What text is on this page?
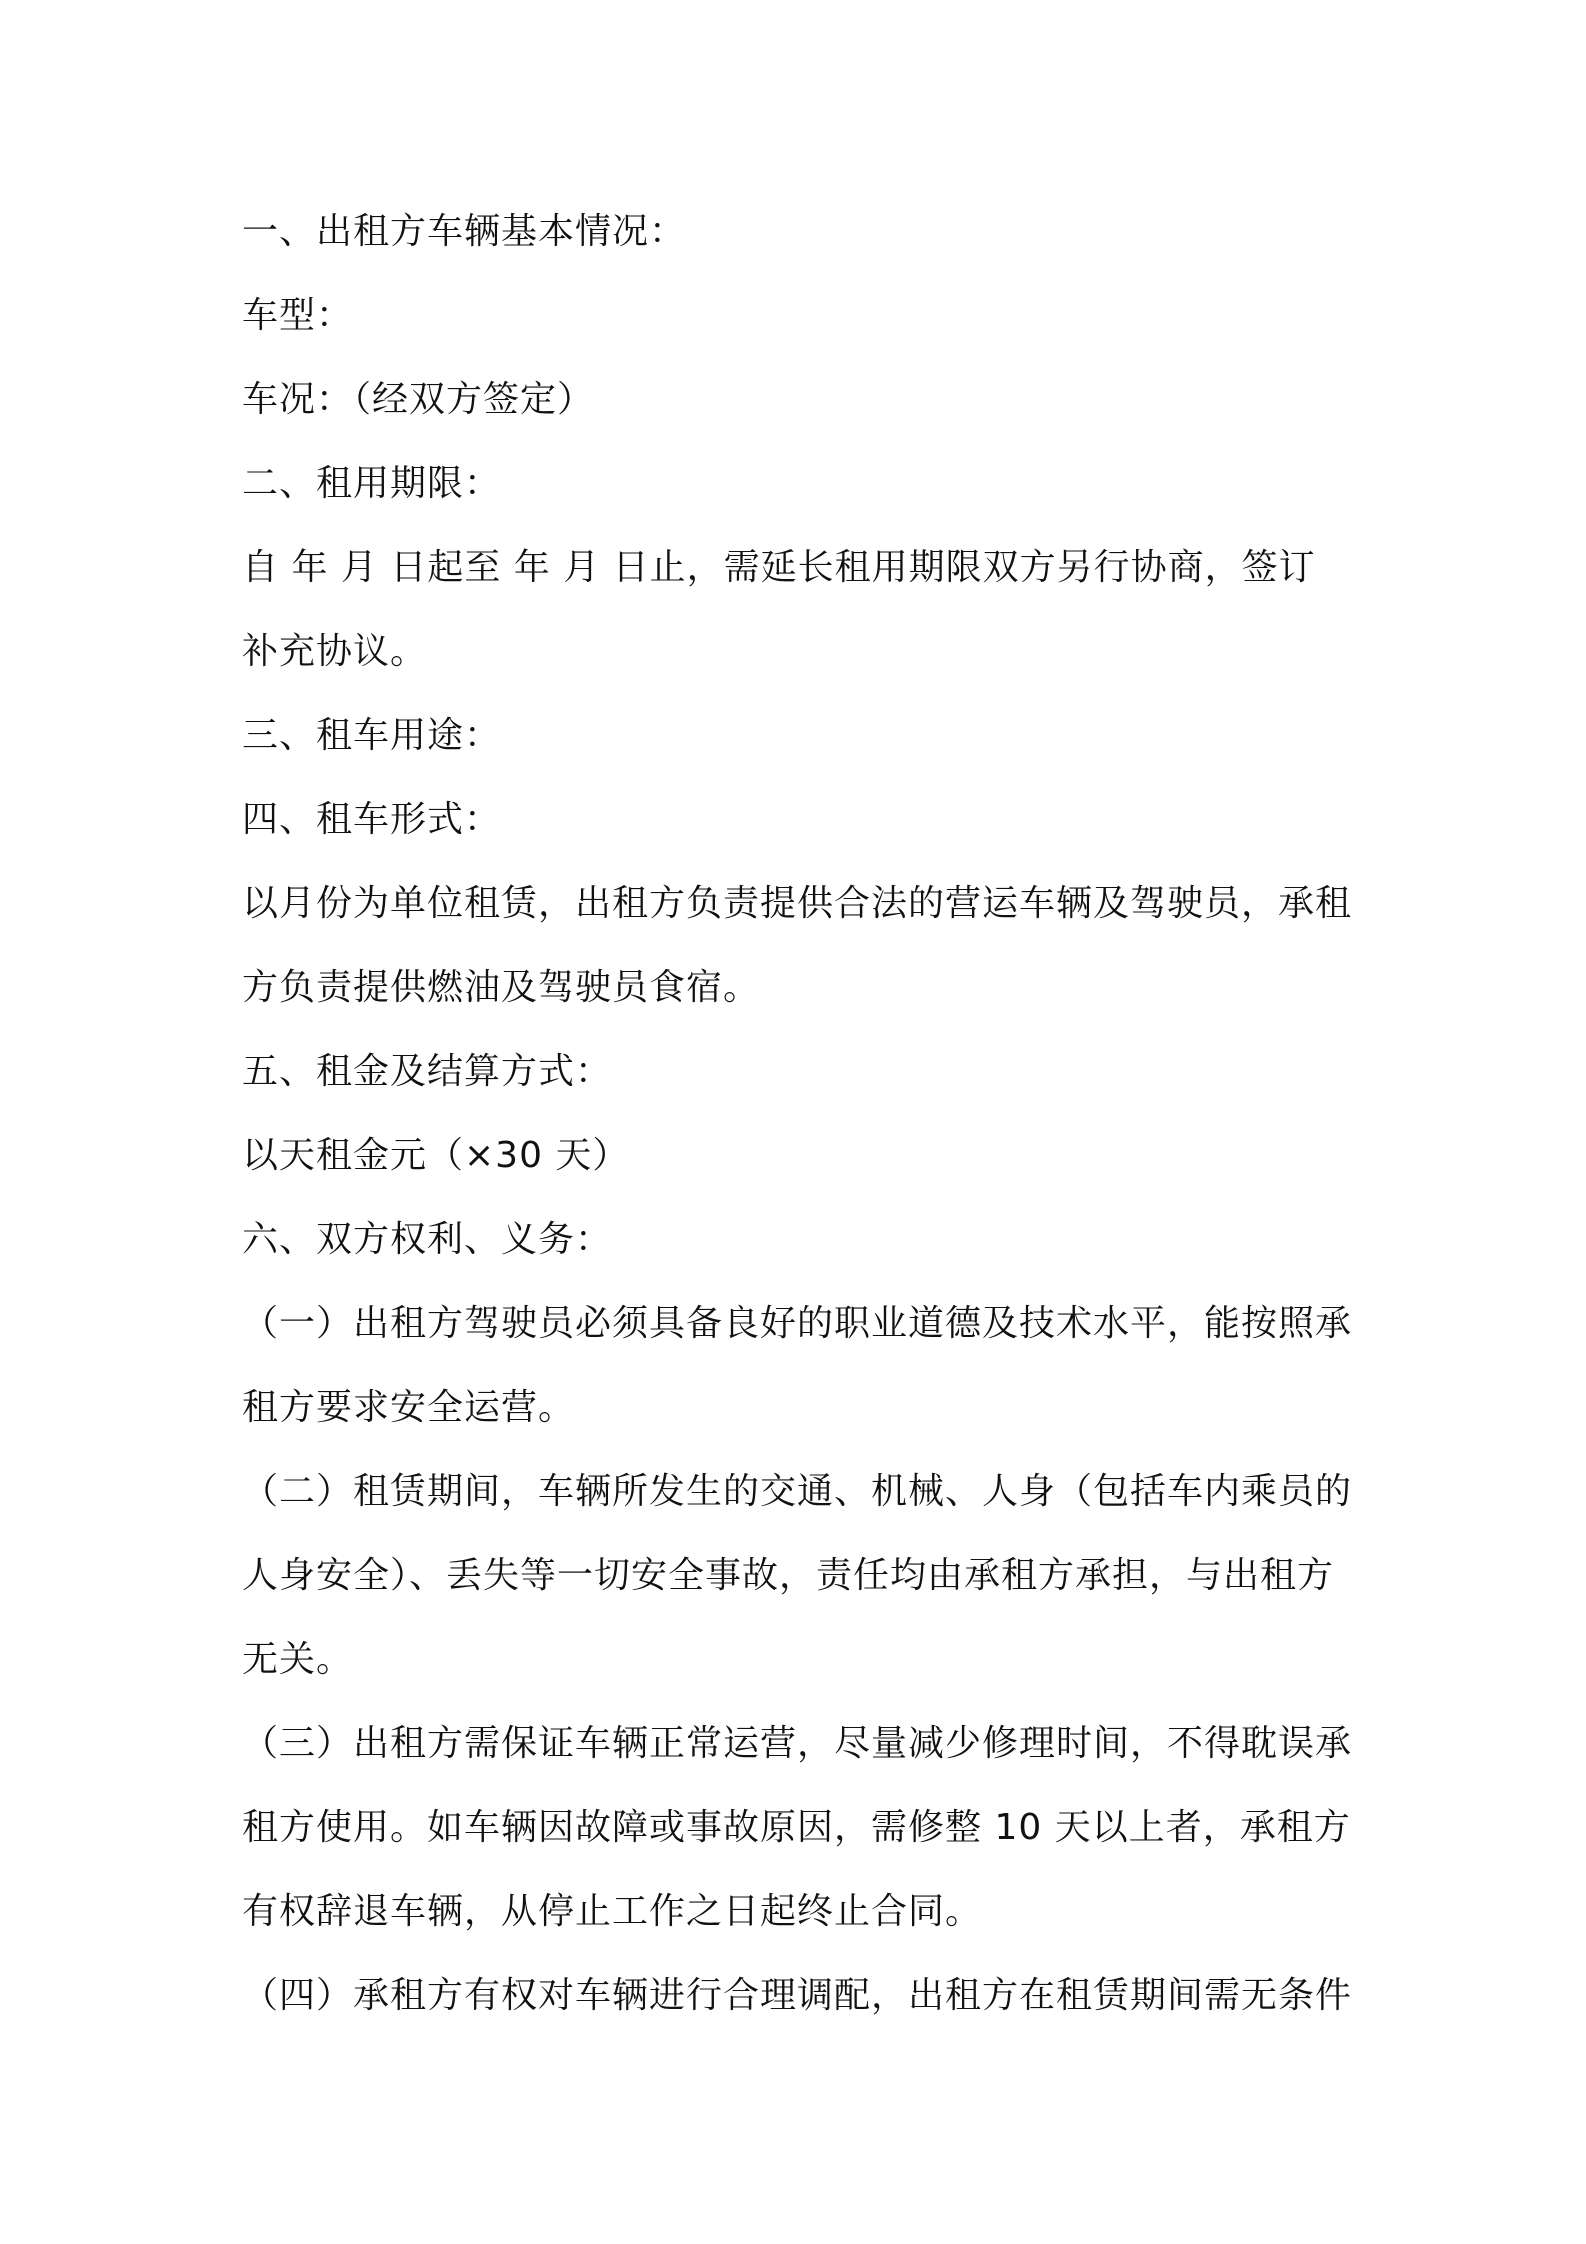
一、出租方车辆基本情况：
车型：
车况：（经双方签定）
二、租用期限：
自 年 月 日起至 年 月 日止，需延长租用期限双方另行协商，签订
补充协议。
三、租车用途：
四、租车形式：
以月份为单位租赁，出租方负责提供合法的营运车辆及驾驶员，承租
方负责提供燃油及驾驶员食宿。
五、租金及结算方式：
以天租金元（×30 天）
六、双方权利、义务：
（一）出租方驾驶员必须具备良好的职业道德及技术水平，能按照承
租方要求安全运营。
（二）租赁期间，车辆所发生的交通、机械、人身（包括车内乘员的
人身安全）、丢失等一切安全事故，责任均由承租方承担，与出租方
无关。
（三）出租方需保证车辆正常运营，尽量减少修理时间，不得耽误承
租方使用。如车辆因故障或事故原因，需修整 10 天以上者，承租方
有权辞退车辆，从停止工作之日起终止合同。
（四）承租方有权对车辆进行合理调配，出租方在租赁期间需无条件
